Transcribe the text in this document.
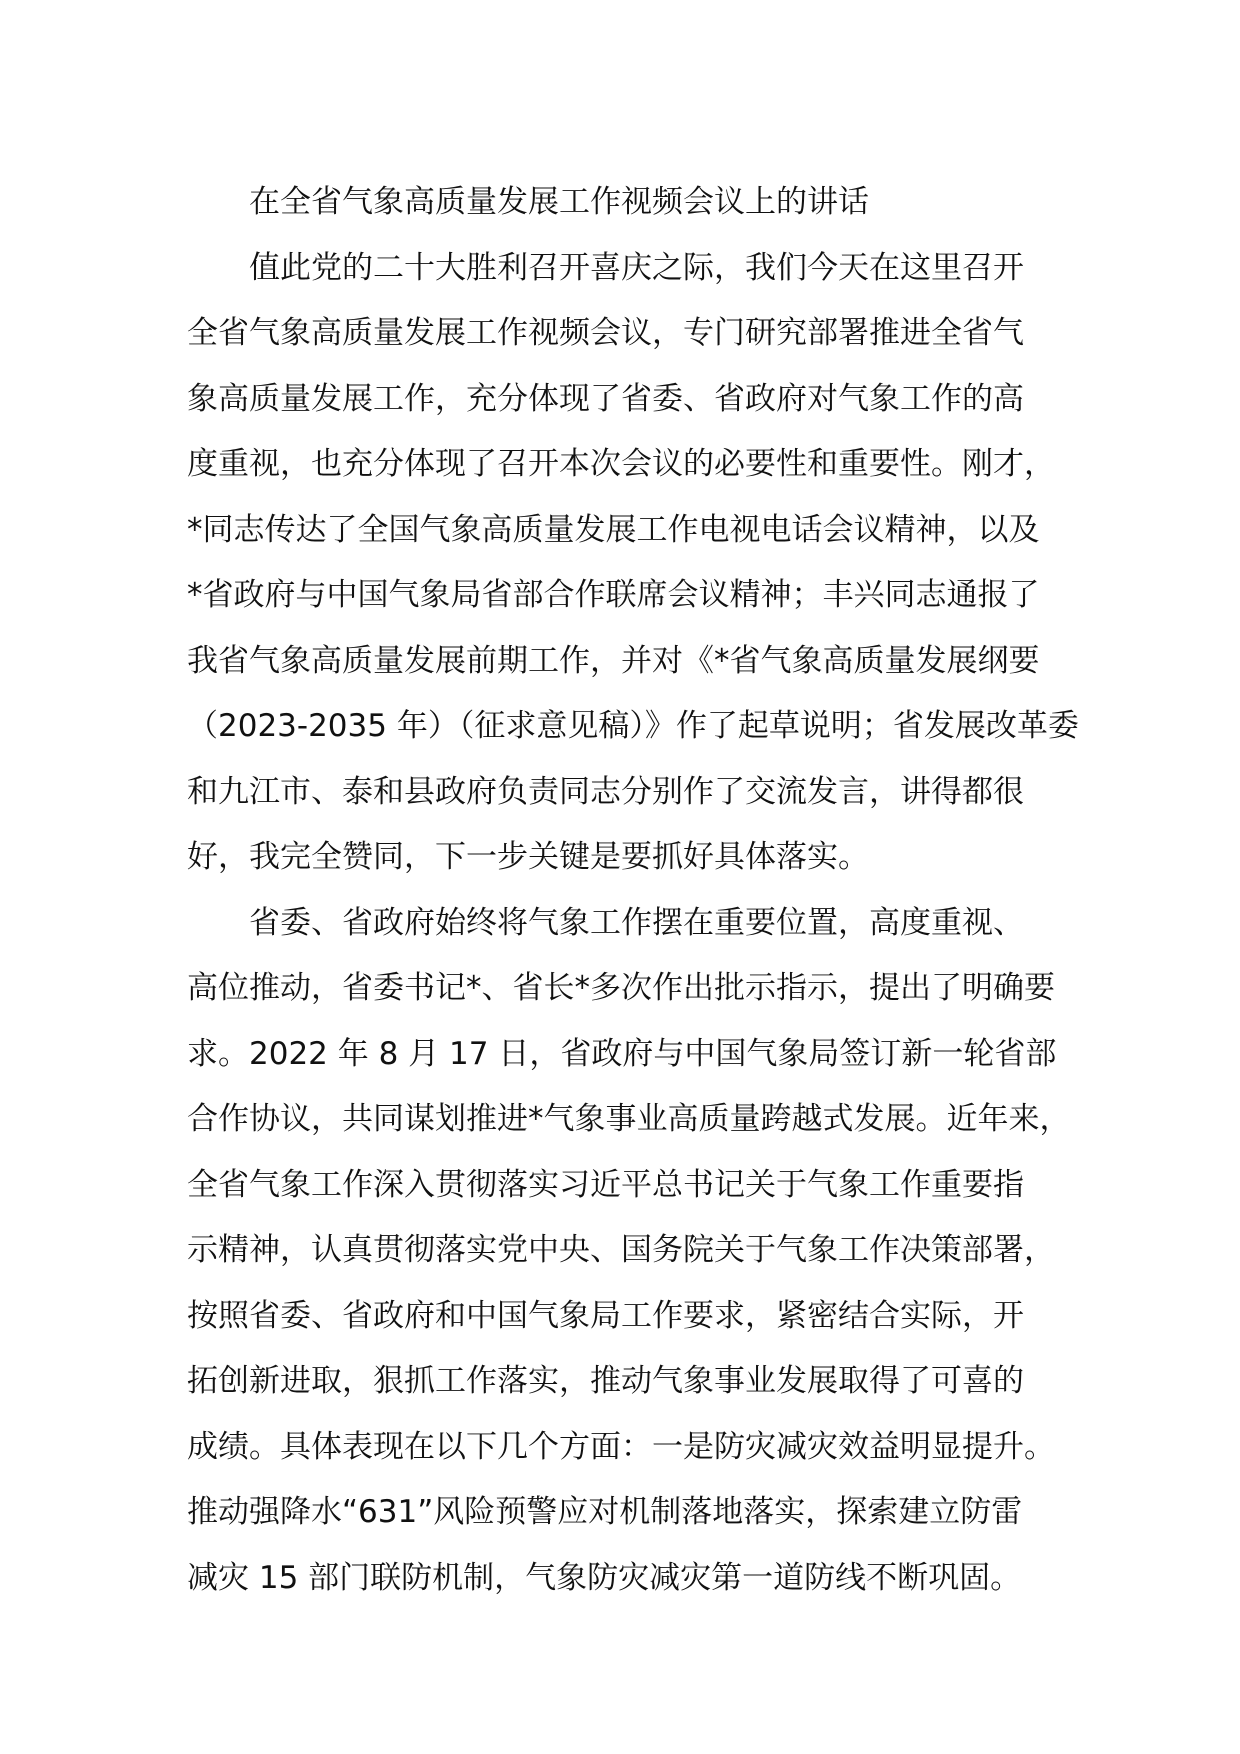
在全省气象高质量发展工作视频会议上的讲话
值此党的二十大胜利召开喜庆之际，我们今天在这里召开
全省气象高质量发展工作视频会议，专门研究部署推进全省气
象高质量发展工作，充分体现了省委、省政府对气象工作的高
度重视，也充分体现了召开本次会议的必要性和重要性。刚才，
*同志传达了全国气象高质量发展工作电视电话会议精神，以及
*省政府与中国气象局省部合作联席会议精神；丰兴同志通报了
我省气象高质量发展前期工作，并对《*省气象高质量发展纲要
（2023-2035 年）（征求意见稿）》作了起草说明；省发展改革委
和九江市、泰和县政府负责同志分别作了交流发言，讲得都很
好，我完全赞同，下一步关键是要抓好具体落实。
省委、省政府始终将气象工作摆在重要位置，高度重视、
高位推动，省委书记*、省长*多次作出批示指示，提出了明确要
求。2022 年 8 月 17 日，省政府与中国气象局签订新一轮省部
合作协议，共同谋划推进*气象事业高质量跨越式发展。近年来，
全省气象工作深入贯彻落实习近平总书记关于气象工作重要指
示精神，认真贯彻落实党中央、国务院关于气象工作决策部署，
按照省委、省政府和中国气象局工作要求，紧密结合实际，开
拓创新进取，狠抓工作落实，推动气象事业发展取得了可喜的
成绩。具体表现在以下几个方面：一是防灾减灾效益明显提升。
推动强降水“631”风险预警应对机制落地落实，探索建立防雷
减灾 15 部门联防机制，气象防灾减灾第一道防线不断巩固。
